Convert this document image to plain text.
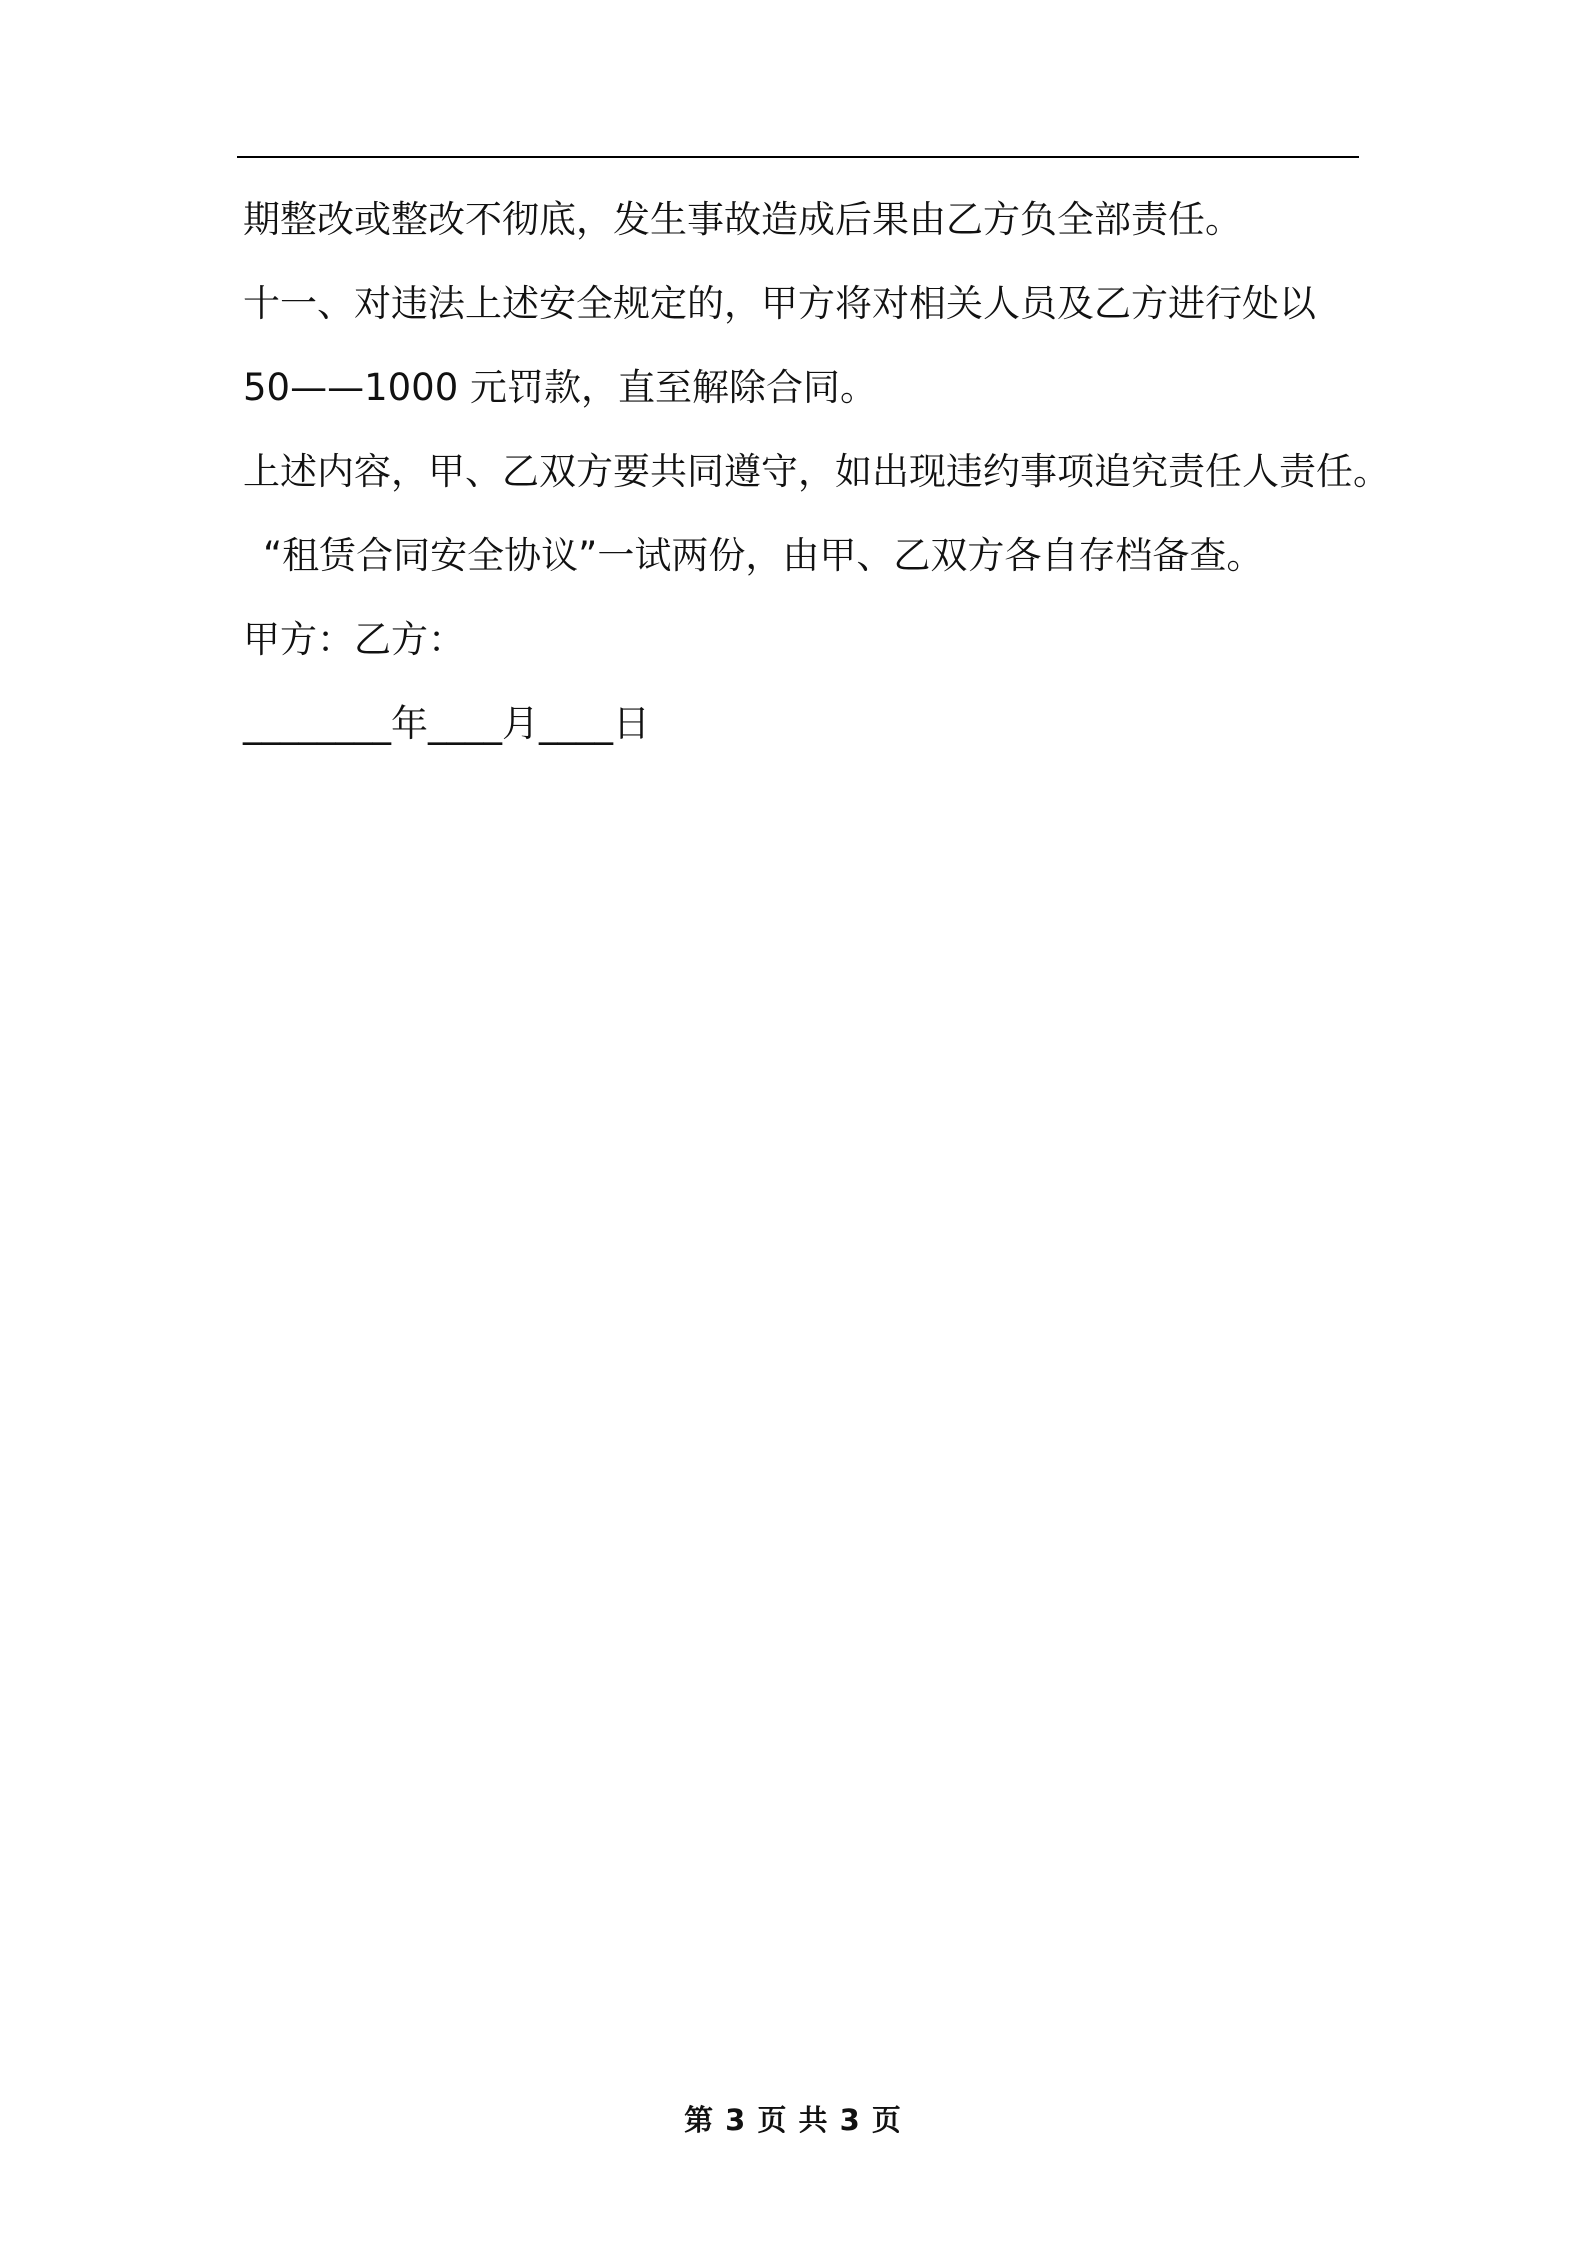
期整改或整改不彻底，发生事故造成后果由乙方负全部责任。

十一、对违法上述安全规定的，甲方将对相关人员及乙方进行处以

50——1000 元罚款，直至解除合同。

上述内容，甲、乙双方要共同遵守，如出现违约事项追究责任人责任。

“租赁合同安全协议”一试两份，由甲、乙双方各自存档备查。

甲方：乙方：

________年____月____日

第 3 页 共 3 页
